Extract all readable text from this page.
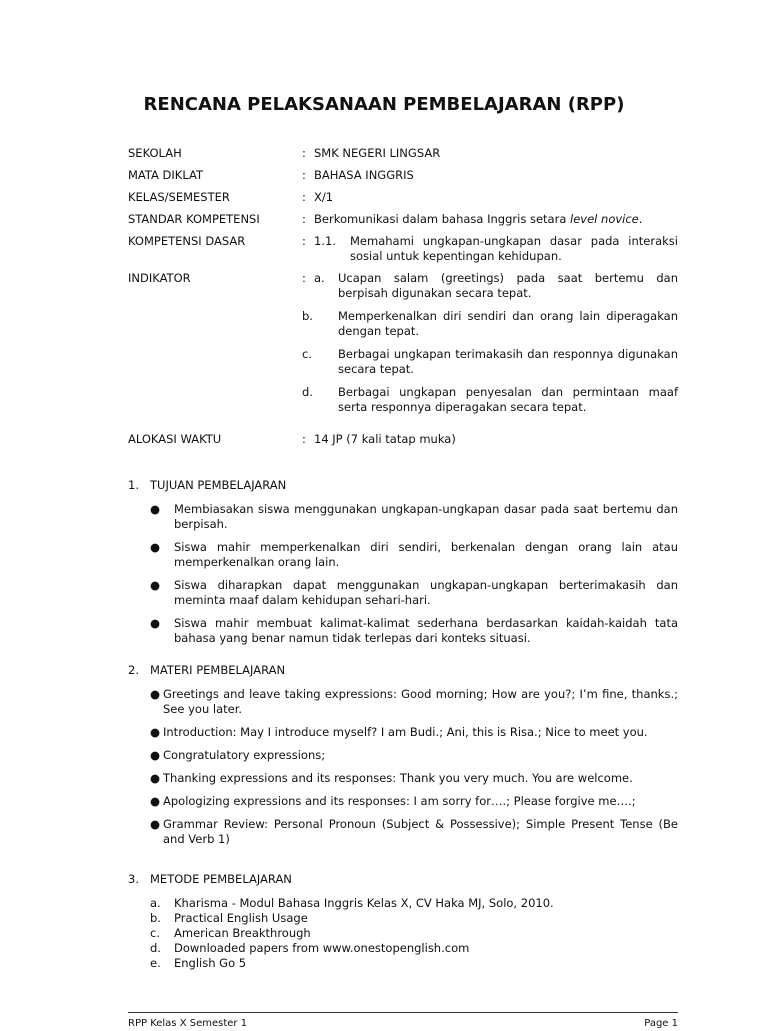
RENCANA PELAKSANAAN PEMBELAJARAN (RPP)
SEKOLAH	: SMK NEGERI LINGSAR
MATA DIKLAT	: BAHASA INGGRIS
KELAS/SEMESTER	: X/1
STANDAR KOMPETENSI	: Berkomunikasi dalam bahasa Inggris setara level novice.
KOMPETENSI DASAR	: 1.1.	Memahami ungkapan-ungkapan dasar pada interaksi sosial untuk kepentingan kehidupan.
INDIKATOR	: a.	Ucapan salam (greetings) pada saat bertemu dan berpisah digunakan secara tepat.
b.	Memperkenalkan diri sendiri dan orang lain diperagakan dengan tepat.
c.	Berbagai ungkapan terimakasih dan responnya digunakan secara tepat.
d.	Berbagai ungkapan penyesalan dan permintaan maaf serta responnya diperagakan secara tepat.
ALOKASI WAKTU	: 14 JP (7 kali tatap muka)
1. TUJUAN PEMBELAJARAN
●	Membiasakan siswa menggunakan ungkapan-ungkapan dasar pada saat bertemu dan berpisah.
●	Siswa mahir memperkenalkan diri sendiri, berkenalan dengan orang lain atau memperkenalkan orang lain.
●	Siswa diharapkan dapat menggunakan ungkapan-ungkapan berterimakasih dan meminta maaf dalam kehidupan sehari-hari.
●	Siswa mahir membuat kalimat-kalimat sederhana berdasarkan kaidah-kaidah tata bahasa yang benar namun tidak terlepas dari konteks situasi.
2. MATERI PEMBELAJARAN
● Greetings and leave taking expressions: Good morning; How are you?; I’m fine, thanks.; See you later.
● Introduction: May I introduce myself? I am Budi.; Ani, this is Risa.; Nice to meet you.
● Congratulatory expressions;
● Thanking expressions and its responses: Thank you very much. You are welcome.
● Apologizing expressions and its responses: I am sorry for….; Please forgive me….;
● Grammar Review: Personal Pronoun (Subject & Possessive); Simple Present Tense (Be and Verb 1)
3. METODE PEMBELAJARAN
a.	Kharisma - Modul Bahasa Inggris Kelas X, CV Haka MJ, Solo, 2010.
b.	Practical English Usage
c.	American Breakthrough
d.	Downloaded papers from www.onestopenglish.com
e.	English Go 5
RPP Kelas X Semester 1	Page 1
